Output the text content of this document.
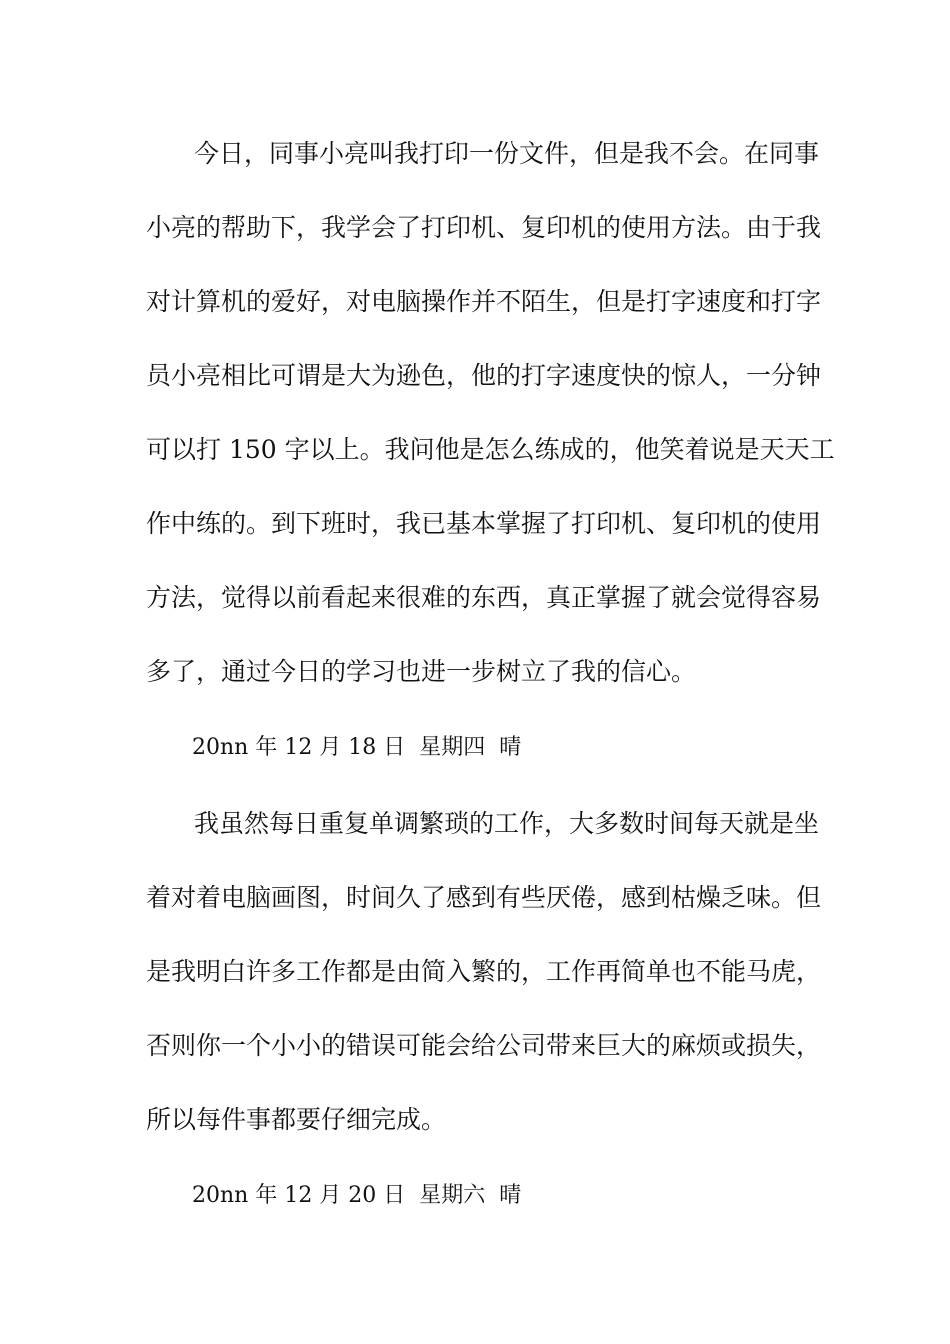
今日，同事小亮叫我打印一份文件，但是我不会。在同事
小亮的帮助下，我学会了打印机、复印机的使用方法。由于我
对计算机的爱好，对电脑操作并不陌生，但是打字速度和打字
员小亮相比可谓是大为逊色，他的打字速度快的惊人，一分钟
可以打 150 字以上。我问他是怎么练成的，他笑着说是天天工
作中练的。到下班时，我已基本掌握了打印机、复印机的使用
方法，觉得以前看起来很难的东西，真正掌握了就会觉得容易
多了，通过今日的学习也进一步树立了我的信心。
20nn 年 12 月 18 日  星期四  晴
我虽然每日重复单调繁琐的工作，大多数时间每天就是坐
着对着电脑画图，时间久了感到有些厌倦，感到枯燥乏味。但
是我明白许多工作都是由简入繁的，工作再简单也不能马虎，
否则你一个小小的错误可能会给公司带来巨大的麻烦或损失，
所以每件事都要仔细完成。
20nn 年 12 月 20 日  星期六  晴
